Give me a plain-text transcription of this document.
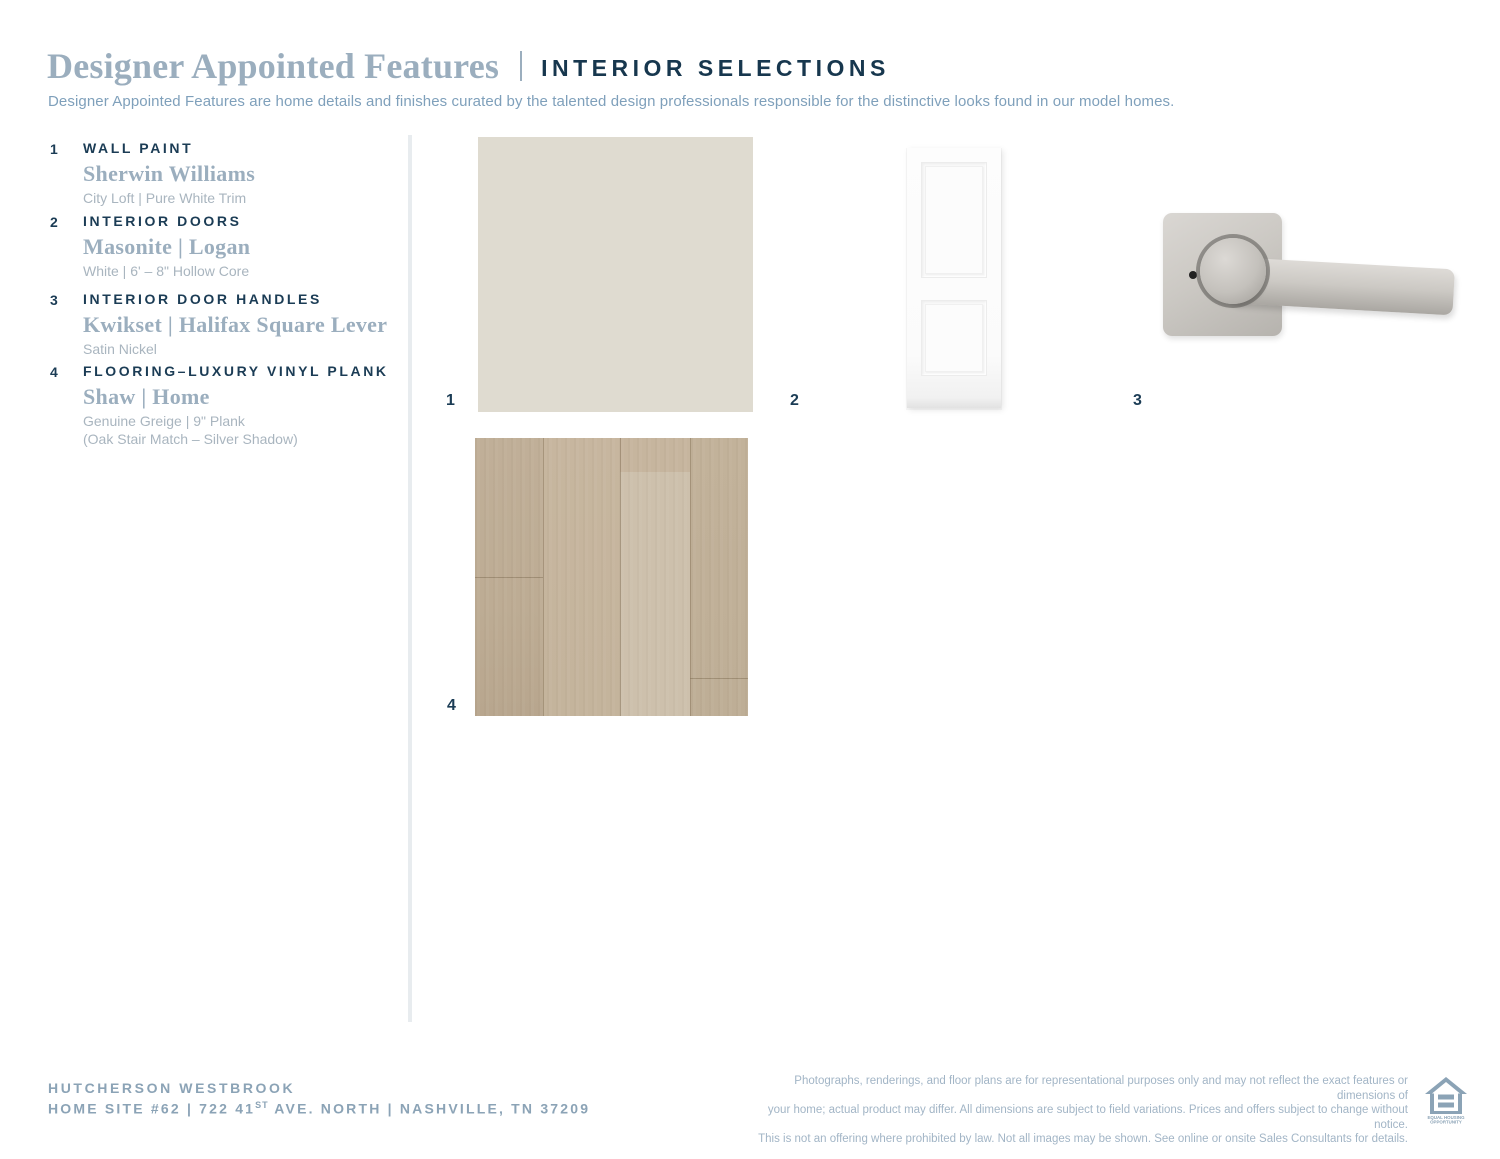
Designer Appointed Features INTERIOR SELECTIONS
Designer Appointed Features are home details and finishes curated by the talented design professionals responsible for the distinctive looks found in our model homes.
1	WALL PAINT
Sherwin Williams
City Loft | Pure White Trim
2	INTERIOR DOORS
Masonite | Logan
White | 6' – 8" Hollow Core
3	INTERIOR DOOR HANDLES
Kwikset | Halifax Square Lever
Satin Nickel
4	FLOORING–LUXURY VINYL PLANK
Shaw | Home
Genuine Greige | 9" Plank
(Oak Stair Match – Silver Shadow)
1	2	3
4
HUTCHERSON WESTBROOK
HOME SITE #62 | 722 41ST AVE. NORTH | NASHVILLE, TN 37209
Photographs, renderings, and floor plans are for representational purposes only and may not reflect the exact features or dimensions of
your home; actual product may differ. All dimensions are subject to field variations. Prices and offers subject to change without notice.
This is not an offering where prohibited by law. Not all images may be shown. See online or onsite Sales Consultants for details.
EQUAL HOUSING
OPPORTUNITY
